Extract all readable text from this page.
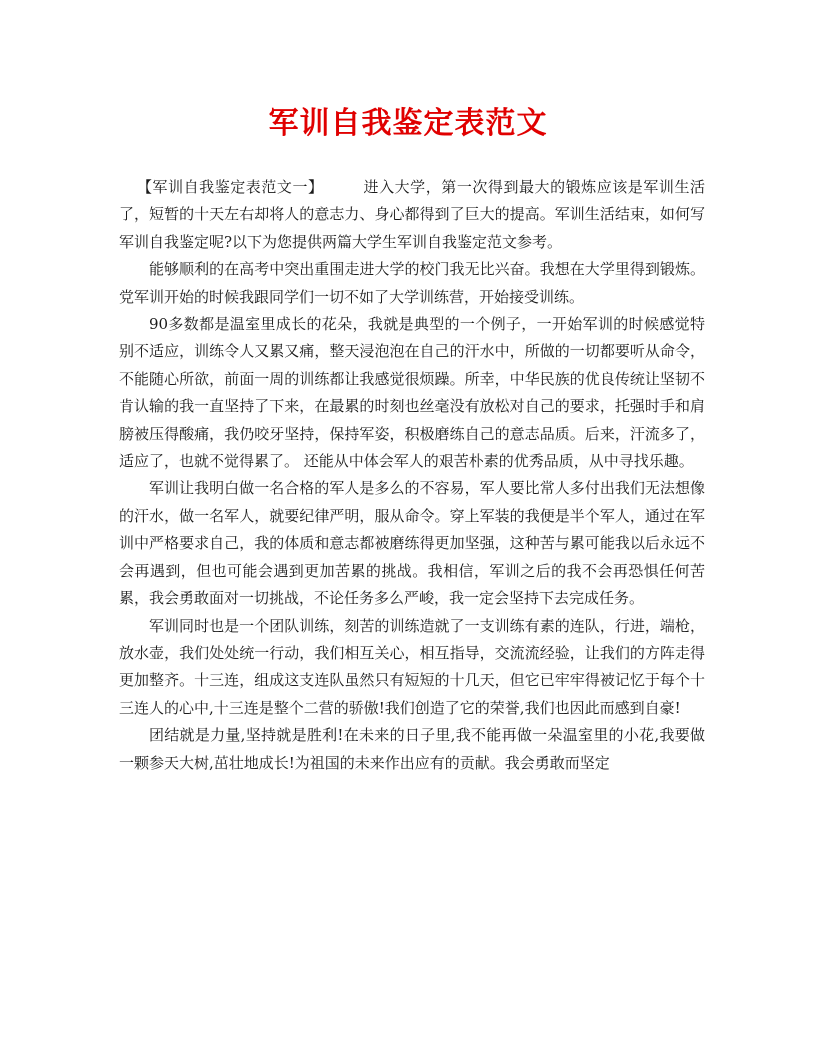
军训自我鉴定表范文

【军训自我鉴定表范文一】	进入大学，第一次得到最大的锻炼应该是军训生活了，短暂的十天左右却将人的意志力、身心都得到了巨大的提高。军训生活结束，如何写军训自我鉴定呢?以下为您提供两篇大学生军训自我鉴定范文参考。

能够顺利的在高考中突出重围走进大学的校门我无比兴奋。我想在大学里得到锻炼。党军训开始的时候我跟同学们一切不如了大学训练营，开始接受训练。

90多数都是温室里成长的花朵，我就是典型的一个例子，一开始军训的时候感觉特别不适应，训练令人又累又痛，整天浸泡泡在自己的汗水中，所做的一切都要听从命令，不能随心所欲，前面一周的训练都让我感觉很烦躁。所幸，中华民族的优良传统让坚韧不肯认输的我一直坚持了下来，在最累的时刻也丝毫没有放松对自己的要求，托强时手和肩膀被压得酸痛，我仍咬牙坚持，保持军姿，积极磨练自己的意志品质。后来，汗流多了，适应了，也就不觉得累了。 还能从中体会军人的艰苦朴素的优秀品质，从中寻找乐趣。

军训让我明白做一名合格的军人是多么的不容易，军人要比常人多付出我们无法想像的汗水，做一名军人，就要纪律严明，服从命令。穿上军装的我便是半个军人，通过在军训中严格要求自己，我的体质和意志都被磨练得更加坚强，这种苦与累可能我以后永远不会再遇到，但也可能会遇到更加苦累的挑战。我相信，军训之后的我不会再恐惧任何苦累，我会勇敢面对一切挑战，不论任务多么严峻，我一定会坚持下去完成任务。

军训同时也是一个团队训练，刻苦的训练造就了一支训练有素的连队，行进，端枪，放水壶，我们处处统一行动，我们相互关心，相互指导，交流流经验，让我们的方阵走得更加整齐。十三连，组成这支连队虽然只有短短的十几天，但它已牢牢得被记忆于每个十三连人的心中,十三连是整个二营的骄傲!我们创造了它的荣誉,我们也因此而感到自豪!

团结就是力量,坚持就是胜利!在未来的日子里,我不能再做一朵温室里的小花,我要做一颗参天大树,茁壮地成长!为祖国的未来作出应有的贡献。我会勇敢而坚定
